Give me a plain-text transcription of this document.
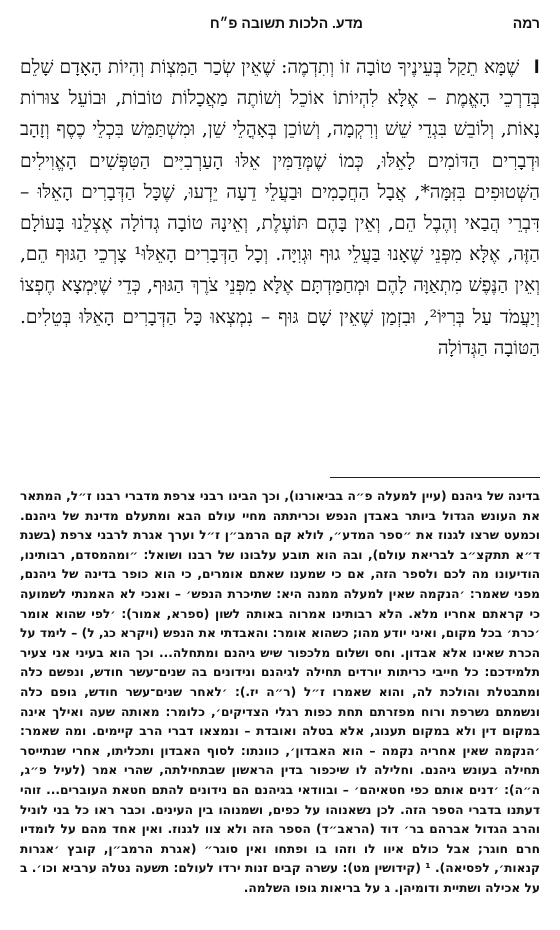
רמה
מדע. הלכות תשובה פ״ח
ושֶׁמָּא תֵקַל בְּעֵינֶיךָ טוֹבָה זוֹ וְתִדְמֶה: שֶׁאֵין שְׂכַר הַמִּצְוֹת וְהִיוֹת הָאָדָם שָׁלֵם בְּדַרְכֵי הָאֱמֶת – אֶלָּא לִהְיוֹתוֹ אוֹכֵל וְשׁוֹתֶה מַאֲכָלוֹת טוֹבוֹת, וּבוֹעֵל צוּרוֹת נָאוֹת, וְלוֹבֵשׁ בִּגְדֵי שֵׁשׁ וְרִקְמָה, וְשׁוֹכֵן בְּאָהֳלֵי שֵׁן, וּמִשְׁתַּמֵּשׁ בִּכְלֵי כֶסֶף וְזָהָב וּדְבָרִים הַדּוֹמִים לָאֵלּוּ, כְּמוֹ שֶׁמְּדַמִּין אֵלּוּ הָעַרְבִיִּים הַטִּפְּשִׁים הָאֱוִילִים הַשְּׁטוּפִים בִּזִּמָּה*, אֲבָל הַחֲכָמִים וּבַעֲלֵי דֵעָה יֵדְעוּ, שֶׁכָּל הַדְּבָרִים הָאֵלּוּ – דִּבְרֵי הֲבַאי וְהֶבֶל הֵם, וְאֵין בָּהֶם תּוֹעֶלֶת, וְאֵינָהּ טוֹבָה גְדוֹלָה אֶצְלֵנוּ בָּעוֹלָם הַזֶּה, אֶלָּא מִפְּנֵי שֶׁאָנוּ בַּעֲלֵי גוּף וּגְוִיָּה. וְכָל הַדְּבָרִים הָאֵלּוּ¹ צָרְכֵי הַגּוּף הֵם, וְאֵין הַנֶּפֶשׁ מִתְאַוָּה לָהֶם וּמְחַמַּדְתָּם אֶלָּא מִפְּנֵי צֹרֶךְ הַגּוּף, כְּדֵי שֶׁיִּמְצָא חֶפְצוֹ וְיַעֲמֹד עַל בְּרִיּוֹ², וּבִזְמַן שֶׁאֵין שָׁם גּוּף – נִמְצְאוּ כָּל הַדְּבָרִים הָאֵלּוּ בְּטֵלִים. הַטּוֹבָה הַגְּדוֹלָה

בדינה של גיהנם (עיין למעלה פ״ה בביאורנו), וכך הבינו רבני צרפת מדברי רבנו ז״ל, המתאר את העונש הגדול ביותר באבדן הנפש וכריתתה מחיי עולם הבא ומתעלם מדינת של גיהנם. וכמעט שרצו לגנוז את ״ספר המדע״, לולא קם הרמב״ן ז״ל וערך אגרת לרבני צרפת (בשנת ד״א תתקצ״ב לבריאת עולם), ובה הוא תובע עלבונו של רבנו ושואל: ״ומהמסדם, רבותינו, הודיעונו מה לכם ולספר הזה, אם כי שמענו שאתם אומרים, כי הוא כופר בדינה של גיהנם, מפני שאמר: ׳הנקמה שאין למעלה ממנה היא: שתיכרת הנפש׳ – ואנכי לא האמנתי לשמועה כי קראתם אחריו מלא. הלא רבותינו אמרוה באותה לשון (ספרא, אמור): ׳לפי שהוא אומר ׳כרת׳ בכל מקום, ואיני יודע מהו; כשהוא אומר: והאבדתי את הנפש (ויקרא כג, ל) – לימד על הכרת שאינו אלא אבדון. וחס ושלום מלכפור שיש גיהנם ומתחלה... וכך הוא בעיני אני צעיר תלמידכם: כל חייבי כריתות יורדים תחילה לגיהנם ונידונים בה שנים־עשר חודש, ונפשם כלה ומתבטלת והולכת לה, והוא שאמרו ז״ל (ר״ה יז.): ׳לאחר שנים־עשר חודש, גופם כלה ונשמתם נשרפת ורוח מפזרתם תחת כפות רגלי הצדיקים׳, כלומר: מאותה שעה ואילך אינה במקום דין ולא במקום תענוג, אלא בטלה ואובדת – ונמצאו דברי הרב קיימים. ומה שאמר: ׳הנקמה שאין אחריה נקמה – הוא האבדון׳, כוונתו: לסוף האבדון ותכליתו, אחרי שנתייסר תחילה בעונש גיהנם. וחלילה לו שיכפור בדין הראשון שבתחילתה, שהרי אמר (לעיל פ״ג, ה״ה): ׳דנים אותם כפי חטאיהם׳ – ובוודאי בגיהנם הם נידונים להתם חטאת העוברים... זוהי דעתנו בדברי הספר הזה. לכן נשאנוהו על כפים, ושמנוהו בין העינים. וכבר ראו כל בני לוניל והרב הגדול אברהם בר׳ דוד (הראב״ד) הספר הזה ולא צוו לגנוז. ואין אחד מהם על לומדיו חרם חוגר; אבל כולם איוו לו וזהו בו ופתחו ואין סוגר״ (אגרת הרמב״ן, קובץ ׳אגרות קנאות׳, לפסיאה). ¹ (קידושין מט): עשרה קבים זנות ירדו לעולם: תשעה נטלה ערביא וכו׳. ב על אכילה ושתיית ודומיהן. ג על בריאות גופו השלמה.
